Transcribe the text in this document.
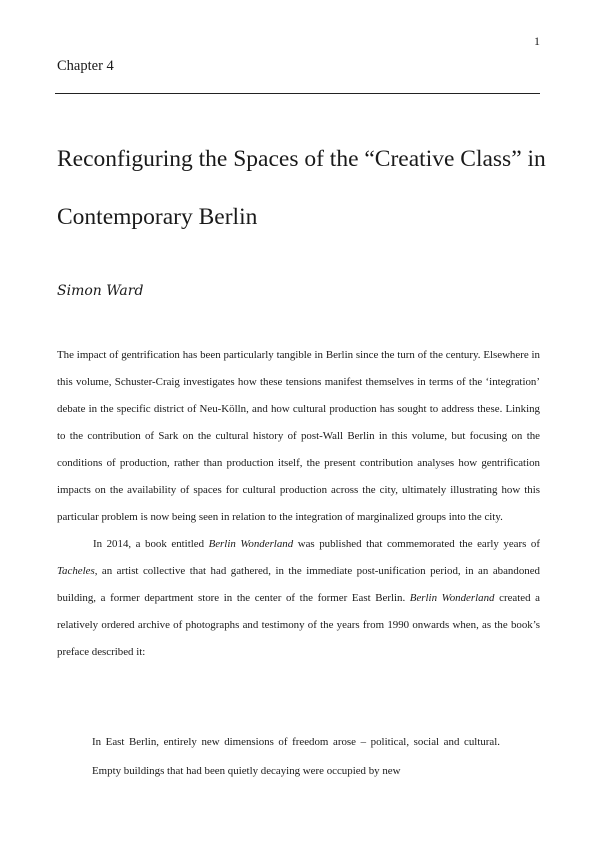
1
Chapter 4
Reconfiguring the Spaces of the “Creative Class” in Contemporary Berlin
Simon Ward

The impact of gentrification has been particularly tangible in Berlin since the turn of the century. Elsewhere in this volume, Schuster-Craig investigates how these tensions manifest themselves in terms of the ‘integration’ debate in the specific district of Neu-Kölln, and how cultural production has sought to address these. Linking to the contribution of Sark on the cultural history of post-Wall Berlin in this volume, but focusing on the conditions of production, rather than production itself, the present contribution analyses how gentrification impacts on the availability of spaces for cultural production across the city, ultimately illustrating how this particular problem is now being seen in relation to the integration of marginalized groups into the city.

In 2014, a book entitled Berlin Wonderland was published that commemorated the early years of Tacheles, an artist collective that had gathered, in the immediate post-unification period, in an abandoned building, a former department store in the center of the former East Berlin. Berlin Wonderland created a relatively ordered archive of photographs and testimony of the years from 1990 onwards when, as the book’s preface described it:

In East Berlin, entirely new dimensions of freedom arose – political, social and cultural. Empty buildings that had been quietly decaying were occupied by new
